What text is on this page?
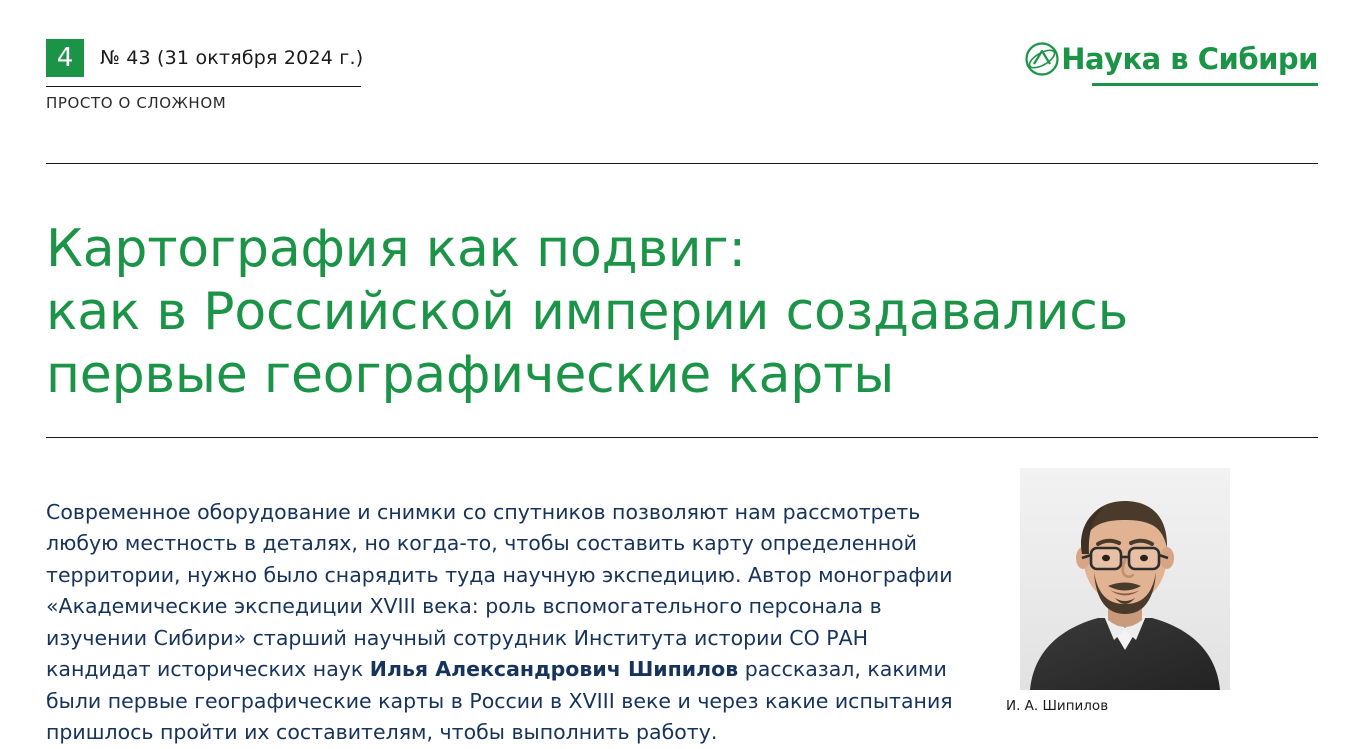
4	№ 43 (31 октября 2024 г.)
ПРОСТО О СЛОЖНОМ
Наука в Сибири
Картография как подвиг:
как в Российской империи создавались
первые географические карты

Современное оборудование и снимки со спутников позволяют нам рассмотреть любую местность в деталях, но когда-то, чтобы составить карту определенной территории, нужно было снарядить туда научную экспедицию. Автор монографии «Академические экспедиции XVIII века: роль вспомогательного персонала в изучении Сибири» старший научный сотрудник Института истории СО РАН кандидат исторических наук Илья Александрович Шипилов рассказал, какими были первые географические карты в России в XVIII веке и через какие испытания пришлось пройти их составителям, чтобы выполнить работу.

И. А. Шипилов
